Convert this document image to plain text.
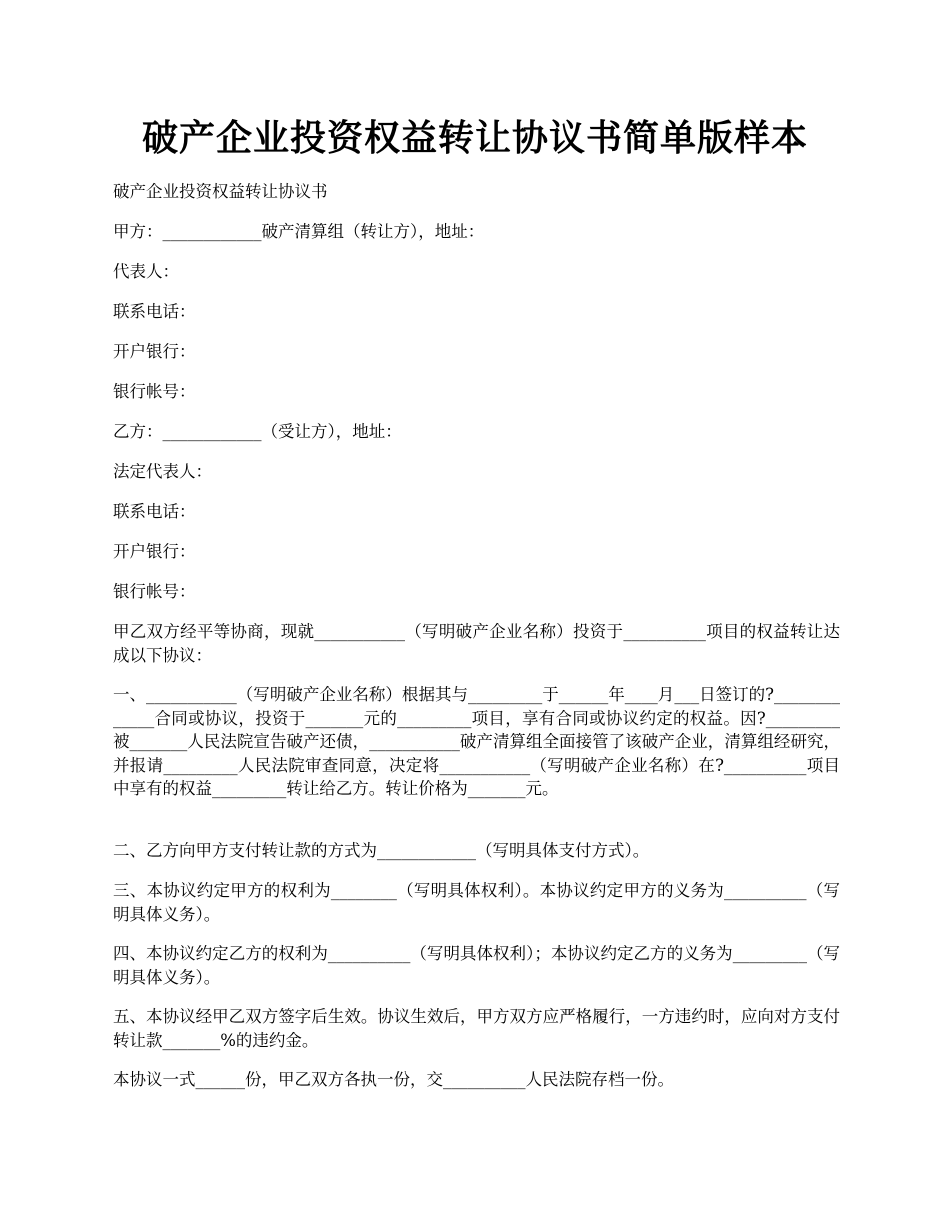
破产企业投资权益转让协议书简单版样本
破产企业投资权益转让协议书
甲方：____________破产清算组（转让方），地址：
代表人：
联系电话：
开户银行：
银行帐号：
乙方：____________（受让方），地址：
法定代表人：
联系电话：
开户银行：
银行帐号：
甲乙双方经平等协商，现就___________（写明破产企业名称）投资于__________项目的权益转让达成以下协议：
一、___________（写明破产企业名称）根据其与_________于______年____月___日签订的?_____________合同或协议，投资于_______元的_________项目，享有合同或协议约定的权益。因?_________被_______人民法院宣告破产还债，___________破产清算组全面接管了该破产企业，清算组经研究，并报请_________人民法院审查同意，决定将___________（写明破产企业名称）在?__________项目中享有的权益_________转让给乙方。转让价格为_______元。
二、乙方向甲方支付转让款的方式为____________（写明具体支付方式）。
三、本协议约定甲方的权利为________（写明具体权利）。本协议约定甲方的义务为__________（写明具体义务）。
四、本协议约定乙方的权利为__________（写明具体权利）；本协议约定乙方的义务为_________（写明具体义务）。
五、本协议经甲乙双方签字后生效。协议生效后，甲方双方应严格履行，一方违约时，应向对方支付转让款_______%的违约金。
本协议一式______份，甲乙双方各执一份，交__________人民法院存档一份。
